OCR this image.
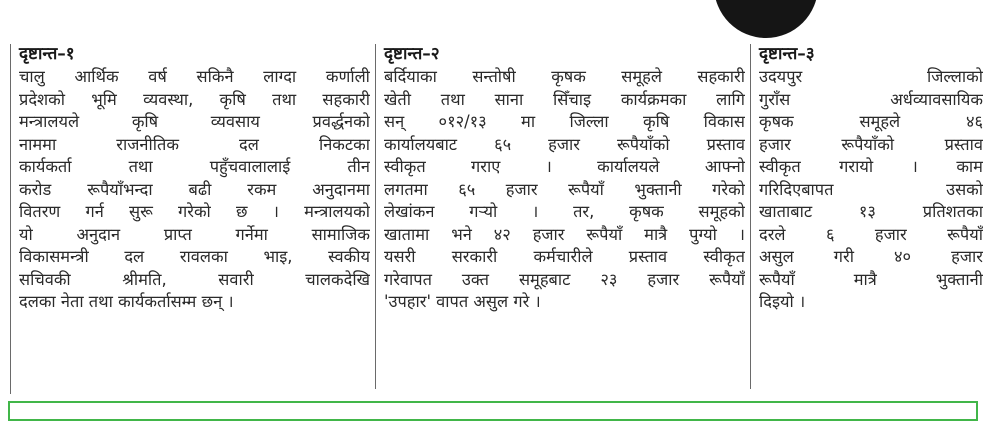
दृष्टान्त–१
चालु आर्थिक वर्ष सकिनै लाग्दा कर्णाली
प्रदेशको भूमि व्यवस्था, कृषि तथा सहकारी
मन्त्रालयले	कृषि	व्यवसाय	प्रवर्द्धनको
नाममा	राजनीतिक	दल	निकटका
कार्यकर्ता	तथा	पहुँचवालालाई	तीन
करोड रूपैयाँभन्दा बढी रकम अनुदानमा
वितरण गर्न सुरू गरेको छ । मन्त्रालयको
यो	अनुदान	प्राप्त	गर्नेमा	सामाजिक
विकासमन्त्री दल रावलका भाइ, स्वकीय
सचिवकी	श्रीमति,	सवारी	चालकदेखि
दलका नेता तथा कार्यकर्तासम्म छन् ।
दृष्टान्त–२
बर्दियाका सन्तोषी कृषक समूहले सहकारी
खेती तथा साना सिँचाइ कार्यक्रमका लागि
सन् ०१२/१३ मा जिल्ला कृषि विकास
कार्यालयबाट ६५ हजार रूपैयाँको प्रस्ताव
स्वीकृत	गराए	।	कार्यालयले	आफ्नो
लगतमा ६५ हजार रूपैयाँ भुक्तानी गरेको
लेखांकन गर्‍यो । तर, कृषक समूहको
खातामा भने ४२ हजार रूपैयाँ मात्रै पुग्यो ।
यसरी सरकारी कर्मचारीले प्रस्ताव स्वीकृत
गरेवापत उक्त समूहबाट २३ हजार रूपैयाँ
'उपहार' वापत असुल गरे ।
दृष्टान्त–३
उदयपुर	जिल्लाको
गुराँस	अर्धव्यावसायिक
कृषक	समूहले	४६
हजार	रूपैयाँको	प्रस्ताव
स्वीकृत गरायो । काम
गरिदिएबापत	उसको
खाताबाट	१३	प्रतिशतका
दरले ६ हजार रूपैयाँ
असुल गरी ४० हजार
रूपैयाँ	मात्रै	भुक्तानी
दिइयो ।
